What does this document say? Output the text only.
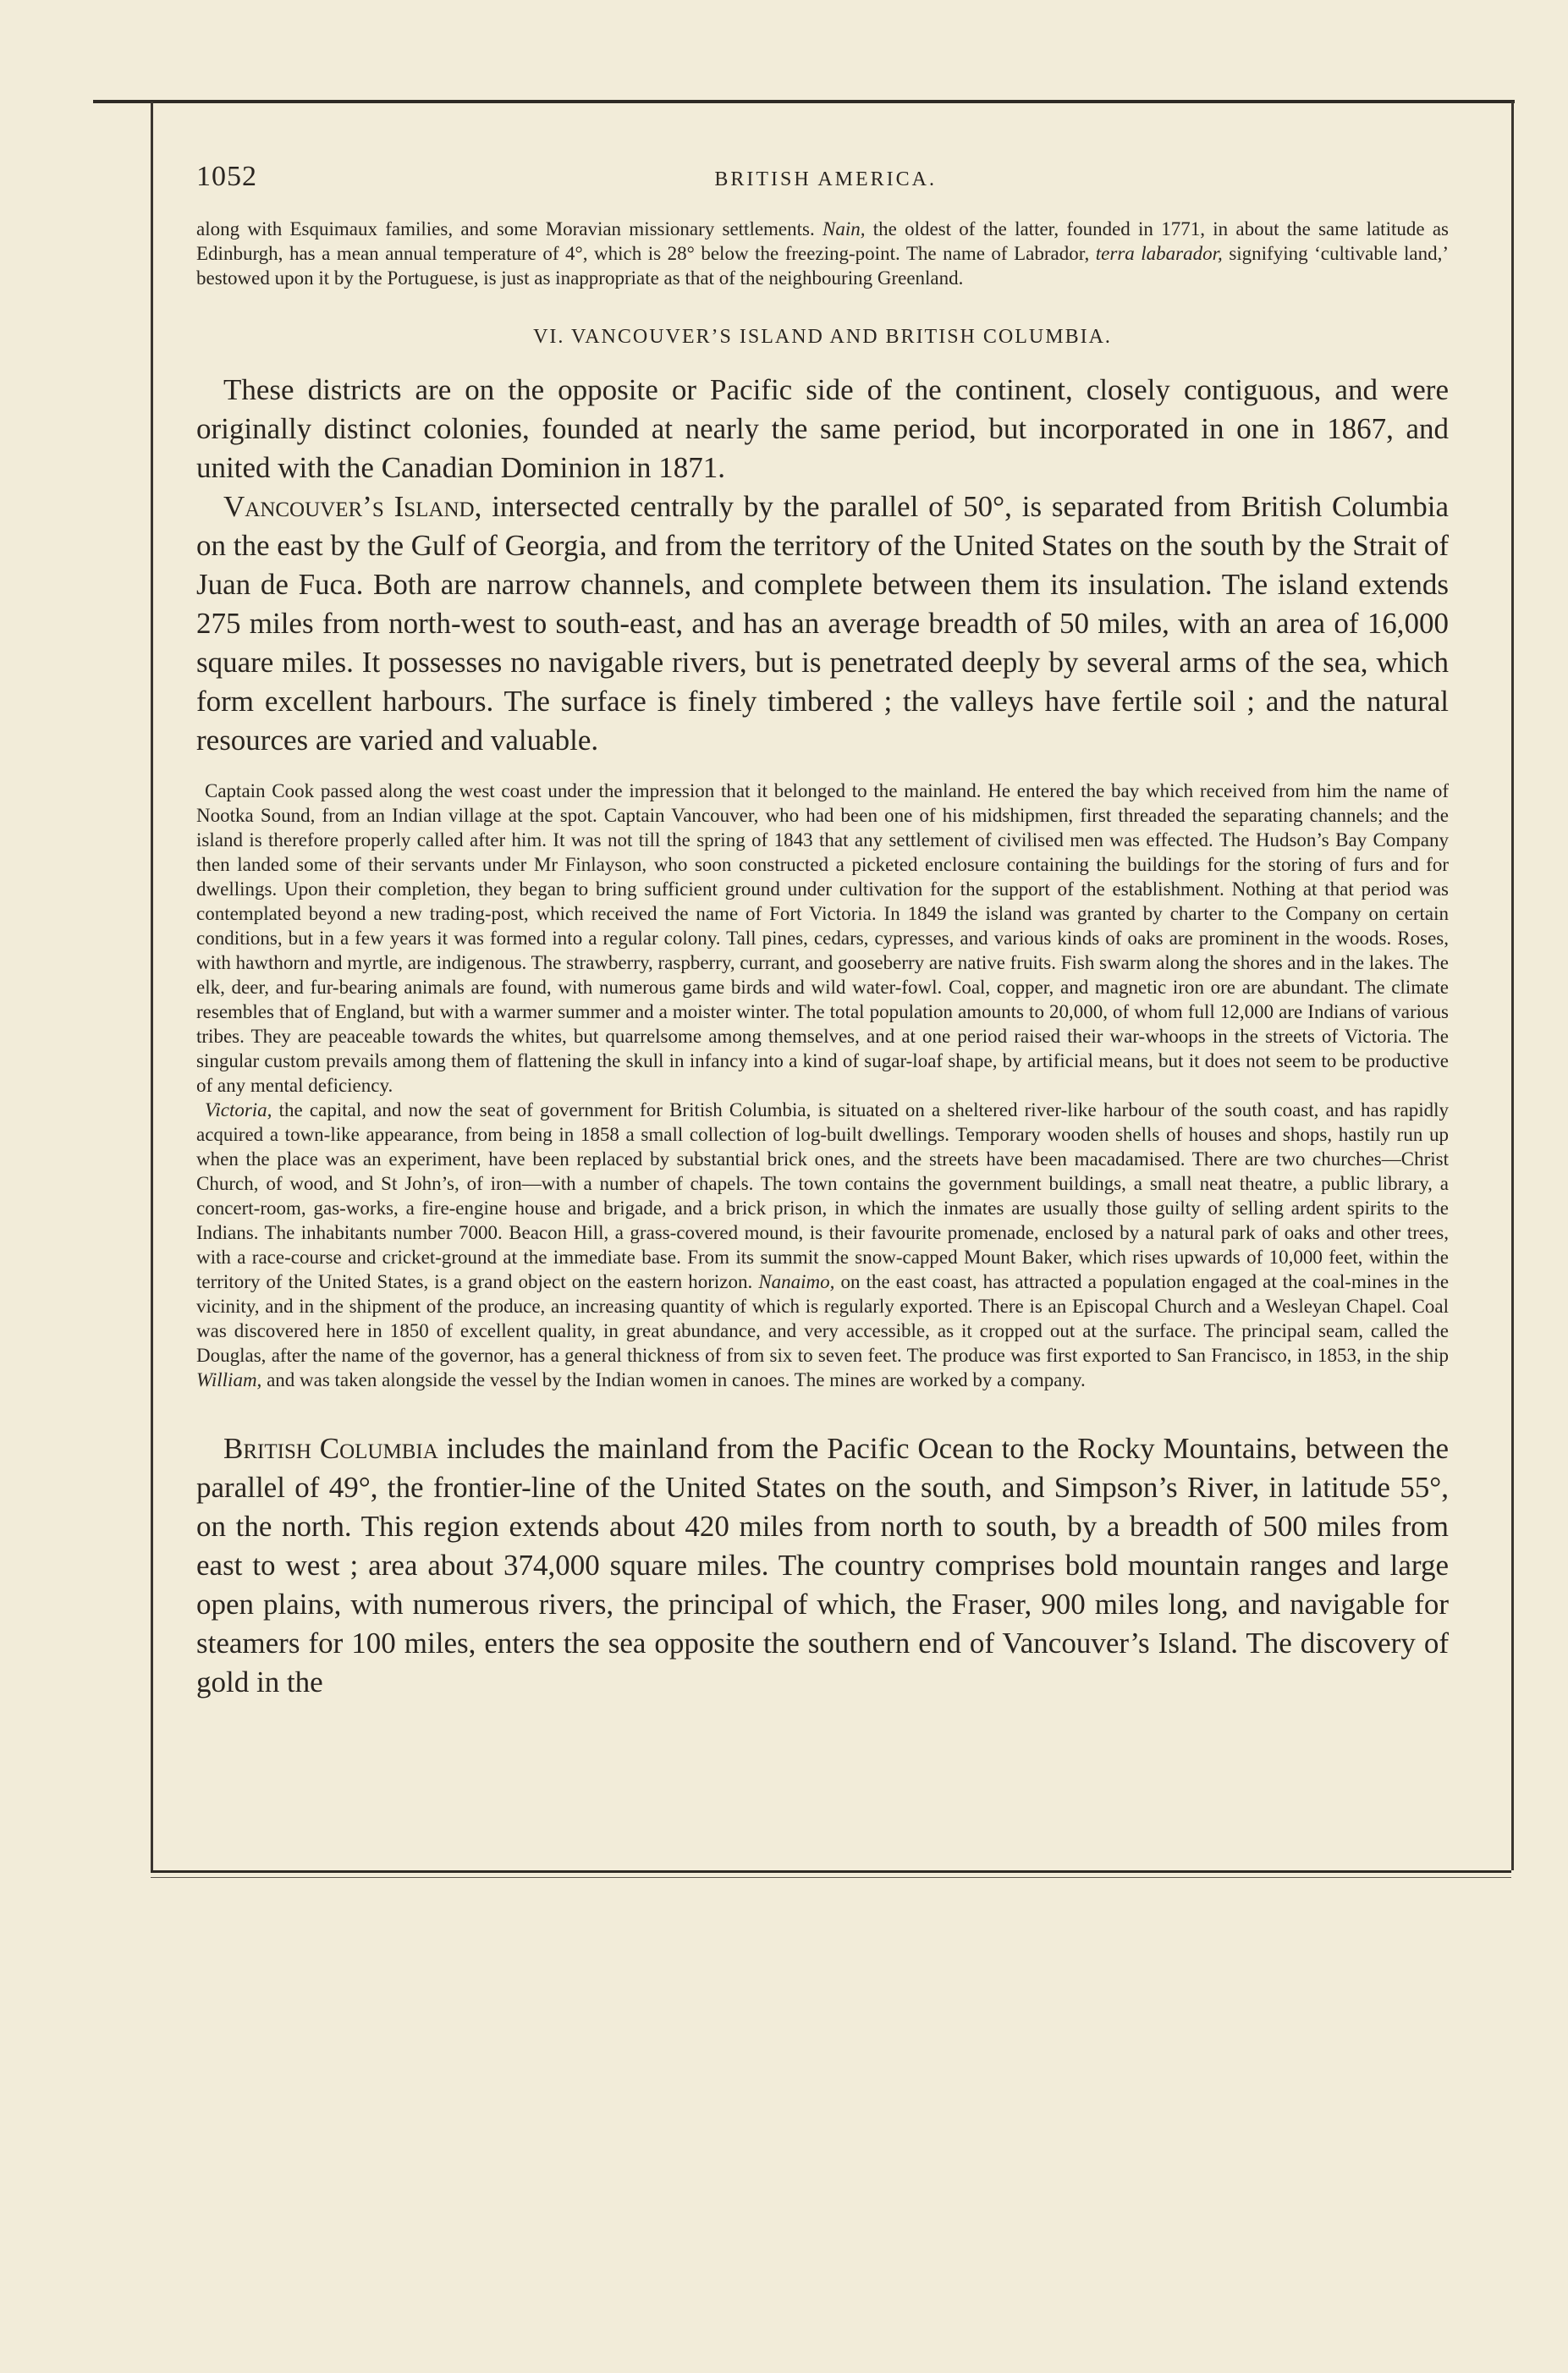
1052	BRITISH AMERICA.

along with Esquimaux families, and some Moravian missionary settlements. Nain, the oldest of the latter, founded in 1771, in about the same latitude as Edinburgh, has a mean annual temperature of 4°, which is 28° below the freezing-point. The name of Labrador, terra labarador, signifying ‘cultivable land,’ bestowed upon it by the Portuguese, is just as inappropriate as that of the neighbouring Greenland.

VI. VANCOUVER’S ISLAND AND BRITISH COLUMBIA.

These districts are on the opposite or Pacific side of the continent, closely contiguous, and were originally distinct colonies, founded at nearly the same period, but incorporated in one in 1867, and united with the Canadian Dominion in 1871.

Vancouver’s Island, intersected centrally by the parallel of 50°, is separated from British Columbia on the east by the Gulf of Georgia, and from the territory of the United States on the south by the Strait of Juan de Fuca. Both are narrow channels, and complete between them its insulation. The island extends 275 miles from north-west to south-east, and has an average breadth of 50 miles, with an area of 16,000 square miles. It possesses no navigable rivers, but is penetrated deeply by several arms of the sea, which form excellent harbours. The surface is finely timbered ; the valleys have fertile soil ; and the natural resources are varied and valuable.

Captain Cook passed along the west coast under the impression that it belonged to the mainland. He entered the bay which received from him the name of Nootka Sound, from an Indian village at the spot. Captain Vancouver, who had been one of his midshipmen, first threaded the separating channels; and the island is therefore properly called after him. It was not till the spring of 1843 that any settlement of civilised men was effected. The Hudson’s Bay Company then landed some of their servants under Mr Finlayson, who soon constructed a picketed enclosure containing the buildings for the storing of furs and for dwellings. Upon their completion, they began to bring sufficient ground under cultivation for the support of the establishment. Nothing at that period was contemplated beyond a new trading-post, which received the name of Fort Victoria. In 1849 the island was granted by charter to the Company on certain conditions, but in a few years it was formed into a regular colony. Tall pines, cedars, cypresses, and various kinds of oaks are prominent in the woods. Roses, with hawthorn and myrtle, are indigenous. The strawberry, raspberry, currant, and gooseberry are native fruits. Fish swarm along the shores and in the lakes. The elk, deer, and fur-bearing animals are found, with numerous game birds and wild water-fowl. Coal, copper, and magnetic iron ore are abundant. The climate resembles that of England, but with a warmer summer and a moister winter. The total population amounts to 20,000, of whom full 12,000 are Indians of various tribes. They are peaceable towards the whites, but quarrelsome among themselves, and at one period raised their war-whoops in the streets of Victoria. The singular custom prevails among them of flattening the skull in infancy into a kind of sugar-loaf shape, by artificial means, but it does not seem to be productive of any mental deficiency.

Victoria, the capital, and now the seat of government for British Columbia, is situated on a sheltered river-like harbour of the south coast, and has rapidly acquired a town-like appearance, from being in 1858 a small collection of log-built dwellings. Temporary wooden shells of houses and shops, hastily run up when the place was an experiment, have been replaced by substantial brick ones, and the streets have been macadamised. There are two churches—Christ Church, of wood, and St John’s, of iron—with a number of chapels. The town contains the government buildings, a small neat theatre, a public library, a concert-room, gas-works, a fire-engine house and brigade, and a brick prison, in which the inmates are usually those guilty of selling ardent spirits to the Indians. The inhabitants number 7000. Beacon Hill, a grass-covered mound, is their favourite promenade, enclosed by a natural park of oaks and other trees, with a race-course and cricket-ground at the immediate base. From its summit the snow-capped Mount Baker, which rises upwards of 10,000 feet, within the territory of the United States, is a grand object on the eastern horizon. Nanaimo, on the east coast, has attracted a population engaged at the coal-mines in the vicinity, and in the shipment of the produce, an increasing quantity of which is regularly exported. There is an Episcopal Church and a Wesleyan Chapel. Coal was discovered here in 1850 of excellent quality, in great abundance, and very accessible, as it cropped out at the surface. The principal seam, called the Douglas, after the name of the governor, has a general thickness of from six to seven feet. The produce was first exported to San Francisco, in 1853, in the ship William, and was taken alongside the vessel by the Indian women in canoes. The mines are worked by a company.

British Columbia includes the mainland from the Pacific Ocean to the Rocky Mountains, between the parallel of 49°, the frontier-line of the United States on the south, and Simpson’s River, in latitude 55°, on the north. This region extends about 420 miles from north to south, by a breadth of 500 miles from east to west ; area about 374,000 square miles. The country comprises bold mountain ranges and large open plains, with numerous rivers, the principal of which, the Fraser, 900 miles long, and navigable for steamers for 100 miles, enters the sea opposite the southern end of Vancouver’s Island. The discovery of gold in the
